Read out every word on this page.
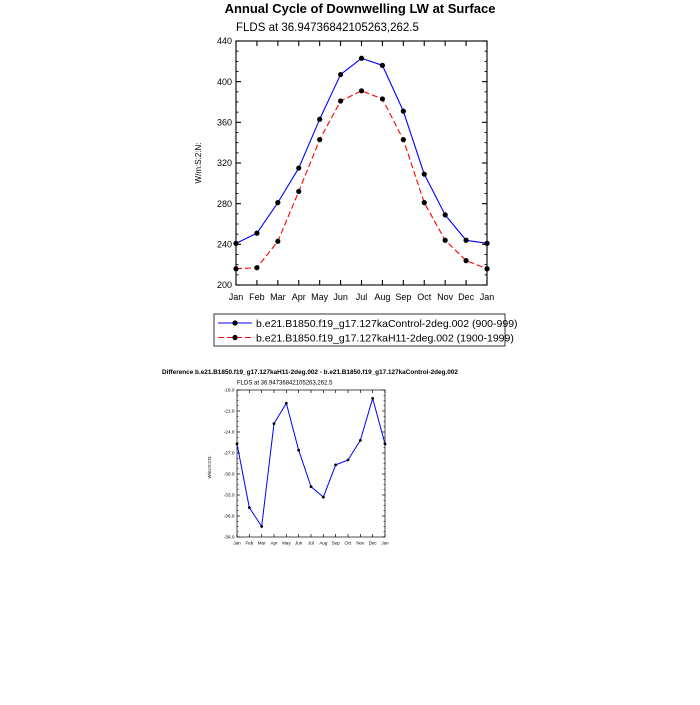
Annual Cycle of Downwelling LW at Surface
FLDS at 36.94736842105263,262.5
W/m:S:2:N:
Difference b.e21.B1850.f19_g17.127kaH11-2deg.002 - b.e21.B1850.f19_g17.127kaControl-2deg.002
FLDS at 36.94736842105263,262.5
W/m:S:2:N:
Jan Feb Mar Apr May Jun Jul Aug Sep Oct Nov Dec Jan
200
240
280
320
360
400
440
b.e21.B1850.f19_g17.127kaControl-2deg.002 (900-999)
b.e21.B1850.f19_g17.127kaH11-2deg.002 (1900-1999)
Jan Feb Mar Apr May Jun Jul Aug Sep Oct Nov Dec Jan
-39.0
-36.0
-33.0
-30.0
-27.0
-24.0
-21.0
-18.0
